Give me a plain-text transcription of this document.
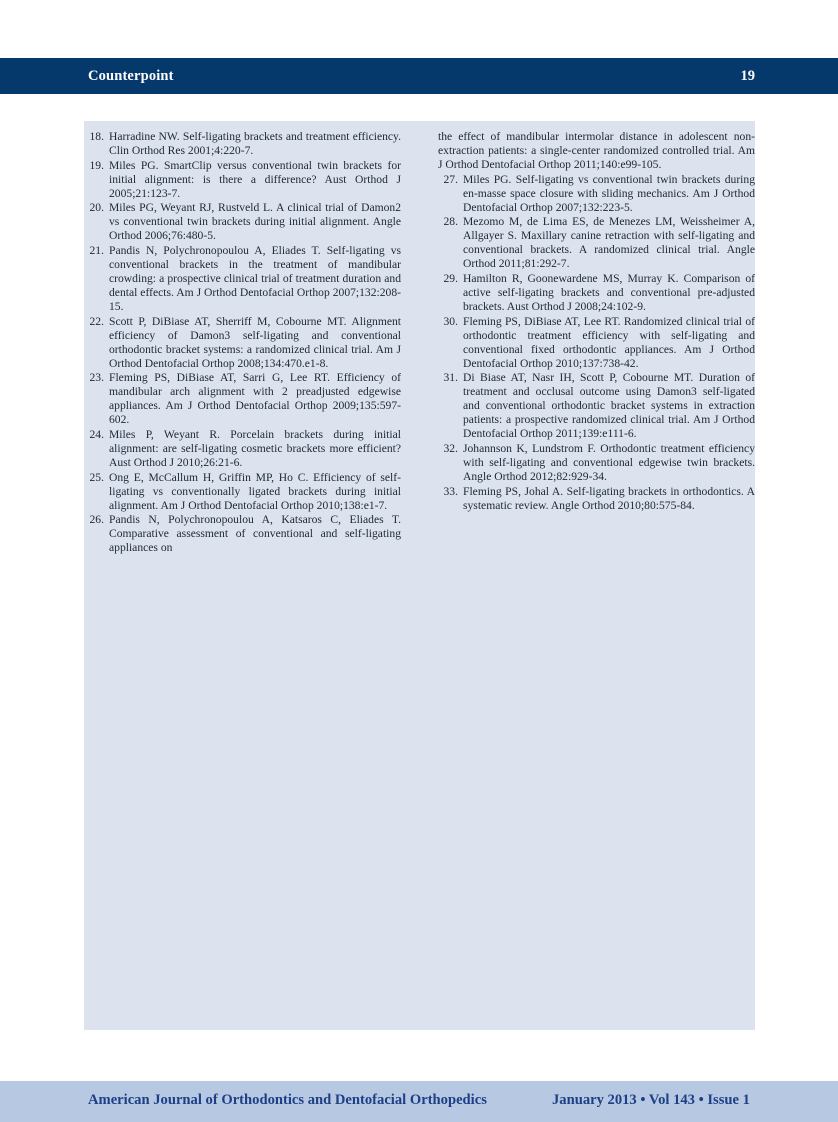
Counterpoint	19
18. Harradine NW. Self-ligating brackets and treatment efficiency. Clin Orthod Res 2001;4:220-7.
19. Miles PG. SmartClip versus conventional twin brackets for initial alignment: is there a difference? Aust Orthod J 2005;21:123-7.
20. Miles PG, Weyant RJ, Rustveld L. A clinical trial of Damon2 vs conventional twin brackets during initial alignment. Angle Orthod 2006;76:480-5.
21. Pandis N, Polychronopoulou A, Eliades T. Self-ligating vs conventional brackets in the treatment of mandibular crowding: a prospective clinical trial of treatment duration and dental effects. Am J Orthod Dentofacial Orthop 2007;132:208-15.
22. Scott P, DiBiase AT, Sherriff M, Cobourne MT. Alignment efficiency of Damon3 self-ligating and conventional orthodontic bracket systems: a randomized clinical trial. Am J Orthod Dentofacial Orthop 2008;134:470.e1-8.
23. Fleming PS, DiBiase AT, Sarri G, Lee RT. Efficiency of mandibular arch alignment with 2 preadjusted edgewise appliances. Am J Orthod Dentofacial Orthop 2009;135:597-602.
24. Miles P, Weyant R. Porcelain brackets during initial alignment: are self-ligating cosmetic brackets more efficient? Aust Orthod J 2010;26:21-6.
25. Ong E, McCallum H, Griffin MP, Ho C. Efficiency of self-ligating vs conventionally ligated brackets during initial alignment. Am J Orthod Dentofacial Orthop 2010;138:e1-7.
26. Pandis N, Polychronopoulou A, Katsaros C, Eliades T. Comparative assessment of conventional and self-ligating appliances on
the effect of mandibular intermolar distance in adolescent non-extraction patients: a single-center randomized controlled trial. Am J Orthod Dentofacial Orthop 2011;140:e99-105.
27. Miles PG. Self-ligating vs conventional twin brackets during en-masse space closure with sliding mechanics. Am J Orthod Dentofacial Orthop 2007;132:223-5.
28. Mezomo M, de Lima ES, de Menezes LM, Weissheimer A, Allgayer S. Maxillary canine retraction with self-ligating and conventional brackets. A randomized clinical trial. Angle Orthod 2011;81:292-7.
29. Hamilton R, Goonewardene MS, Murray K. Comparison of active self-ligating brackets and conventional pre-adjusted brackets. Aust Orthod J 2008;24:102-9.
30. Fleming PS, DiBiase AT, Lee RT. Randomized clinical trial of orthodontic treatment efficiency with self-ligating and conventional fixed orthodontic appliances. Am J Orthod Dentofacial Orthop 2010;137:738-42.
31. Di Biase AT, Nasr IH, Scott P, Cobourne MT. Duration of treatment and occlusal outcome using Damon3 self-ligated and conventional orthodontic bracket systems in extraction patients: a prospective randomized clinical trial. Am J Orthod Dentofacial Orthop 2011;139:e111-6.
32. Johannson K, Lundstrom F. Orthodontic treatment efficiency with self-ligating and conventional edgewise twin brackets. Angle Orthod 2012;82:929-34.
33. Fleming PS, Johal A. Self-ligating brackets in orthodontics. A systematic review. Angle Orthod 2010;80:575-84.
American Journal of Orthodontics and Dentofacial Orthopedics	January 2013 • Vol 143 • Issue 1
